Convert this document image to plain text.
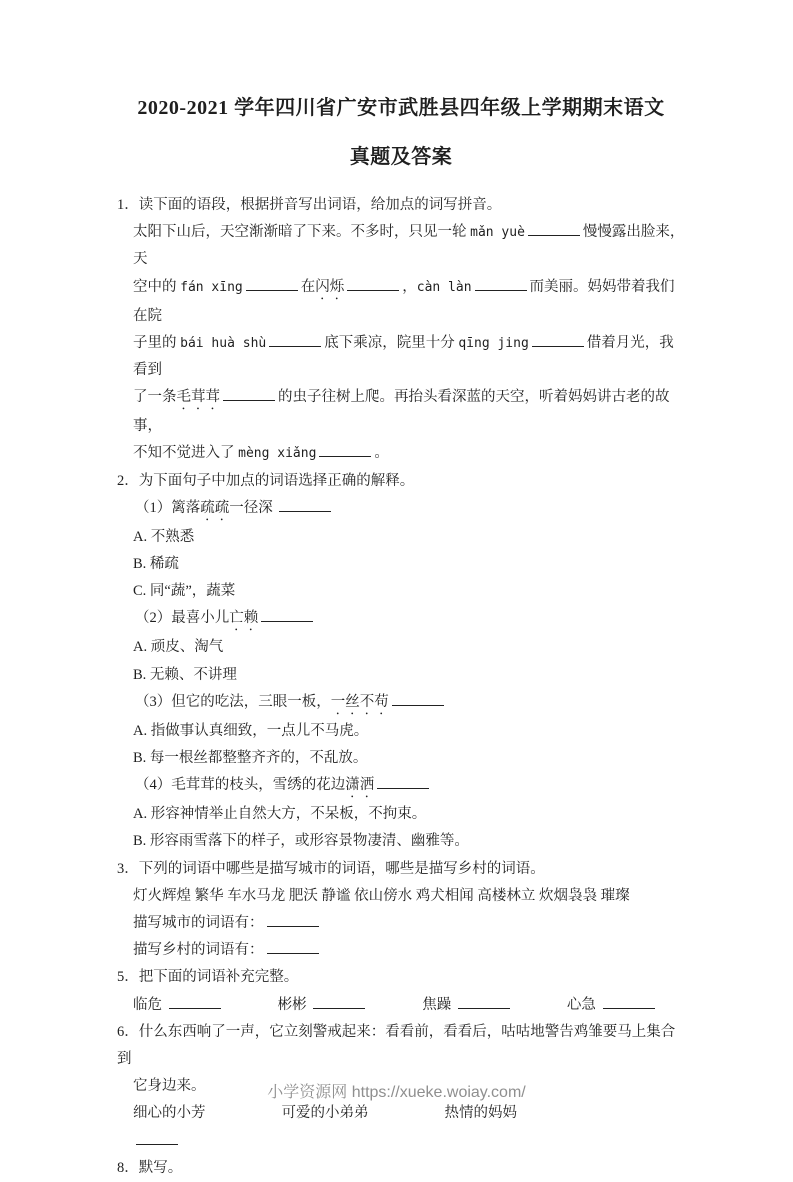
2020-2021 学年四川省广安市武胜县四年级上学期期末语文
真题及答案
1．读下面的语段，根据拼音写出词语，给加点的词写拼音。
太阳下山后，天空渐渐暗了下来。不多时，只见一轮 mǎn yuè	慢慢露出脸来，天
空中的 fán xīng	在闪烁	，càn làn	而美丽。妈妈带着我们在院
子里的 bái huà shù	底下乘凉，院里十分 qīng jing	借着月光，我看到
了一条毛茸茸	的虫子往树上爬。再抬头看深蓝的天空，听着妈妈讲古老的故事，
不知不觉进入了 mèng xiǎng	。
2．为下面句子中加点的词语选择正确的解释。
（1）篱落疏疏一径深
A. 不熟悉
B. 稀疏
C. 同“蔬”，蔬菜
（2）最喜小儿亡赖
A. 顽皮、淘气
B. 无赖、不讲理
（3）但它的吃法，三眼一板，一丝不苟
A. 指做事认真细致，一点儿不马虎。
B. 每一根丝都整整齐齐的，不乱放。
（4）毛茸茸的枝头，雪绣的花边潇洒
A. 形容神情举止自然大方，不呆板，不拘束。
B. 形容雨雪落下的样子，或形容景物凄清、幽雅等。
3．下列的词语中哪些是描写城市的词语，哪些是描写乡村的词语。
灯火辉煌 繁华 车水马龙 肥沃 静谧 依山傍水 鸡犬相闻 高楼林立 炊烟袅袅 璀璨
描写城市的词语有：
描写乡村的词语有：
5．把下面的词语补充完整。
临危	彬彬	焦躁	心急
6．什么东西响了一声，它立刻警戒起来：看看前，看看后，咕咕地警告鸡雏要马上集合到
它身边来。
细心的小芳	可爱的小弟弟	热情的妈妈
8．默写。
小学资源网 https://xueke.woiay.com/
